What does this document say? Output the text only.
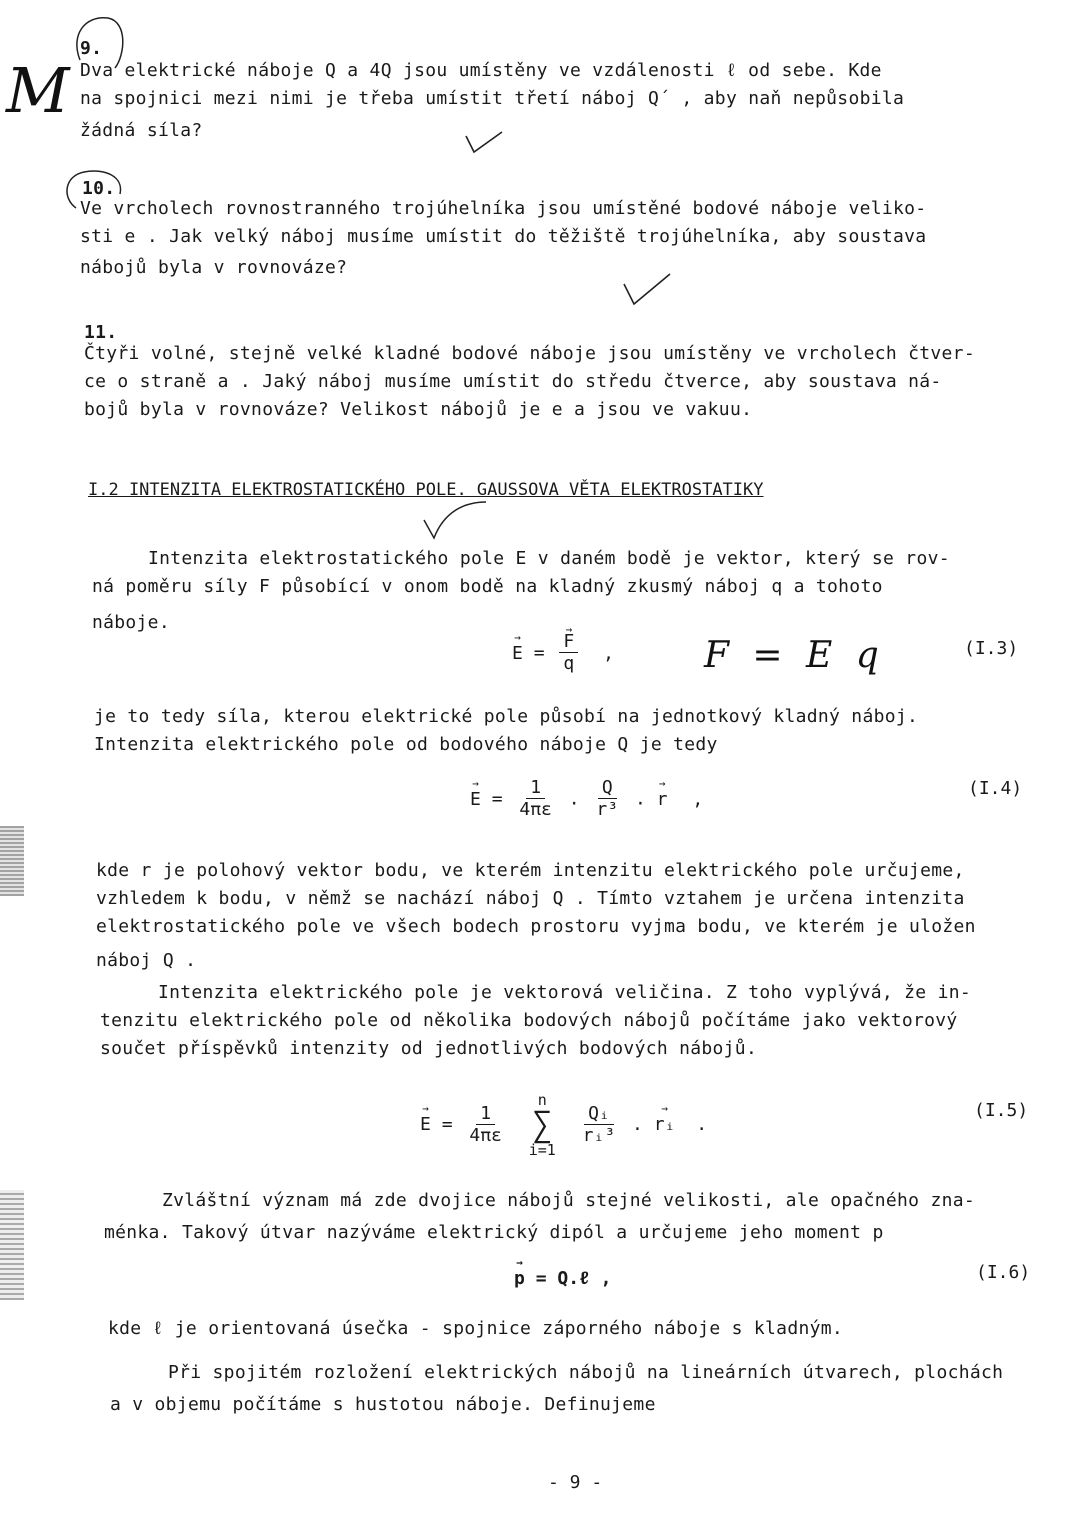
M
9.
Dva elektrické náboje Q a 4Q jsou umístěny ve vzdálenosti ℓ od sebe. Kde
na spojnici mezi nimi je třeba umístit třetí náboj Q´ , aby naň nepůsobila
žádná síla?
10.
Ve vrcholech rovnostranného trojúhelníka jsou umístěné bodové náboje veliko-
sti e . Jak velký náboj musíme umístit do těžiště trojúhelníka, aby soustava
nábojů byla v rovnováze?
11.
Čtyři volné, stejně velké kladné bodové náboje jsou umístěny ve vrcholech čtver-
ce o straně a . Jaký náboj musíme umístit do středu čtverce, aby soustava ná-
bojů byla v rovnováze? Velikost nábojů je e a jsou ve vakuu.
I.2 INTENZITA ELEKTROSTATICKÉHO POLE. GAUSSOVA VĚTA ELEKTROSTATIKY
Intenzita elektrostatického pole E v daném bodě je vektor, který se rov-
ná poměru síly F působící v onom bodě na kladný zkusmý náboj q a tohoto
náboje.
→ E = → $\frac{F}{q}$ ,	F = E q	(I.3)
je to tedy síla, kterou elektrické pole působí na jednotkový kladný náboj.
Intenzita elektrického pole od bodového náboje Q je tedy
→ $E = \frac{1}{4\pi\varepsilon}$ . $\frac{Q}{\text{r³}}$ . → r ,	(I.4)
kde r je polohový vektor bodu, ve kterém intenzitu elektrického pole určujeme,
vzhledem k bodu, v němž se nachází náboj Q . Tímto vztahem je určena intenzita
elektrostatického pole ve všech bodech prostoru vyjma bodu, ve kterém je uložen
náboj Q .
Intenzita elektrického pole je vektorová veličina. Z toho vyplývá, že in-
tenzitu elektrického pole od několika bodových nábojů počítáme jako vektorový
součet příspěvků intenzity od jednotlivých bodových nábojů.
→ $E = \frac{1}{4\pi\varepsilon}$

n
∑
i=1

$\frac{\text{Qᵢ}}{\text{rᵢ³}}$ . → rᵢ .
(I.5)
Zvláštní význam má zde dvojice nábojů stejné velikosti, ale opačného zna-
ménka. Takový útvar nazýváme elektrický dipól a určujeme jeho moment p
→ p = Q.ℓ ,	(I.6)
kde ℓ je orientovaná úsečka - spojnice záporného náboje s kladným.
Při spojitém rozložení elektrických nábojů na lineárních útvarech, plochách
a v objemu počítáme s hustotou náboje. Definujeme
- 9 -
